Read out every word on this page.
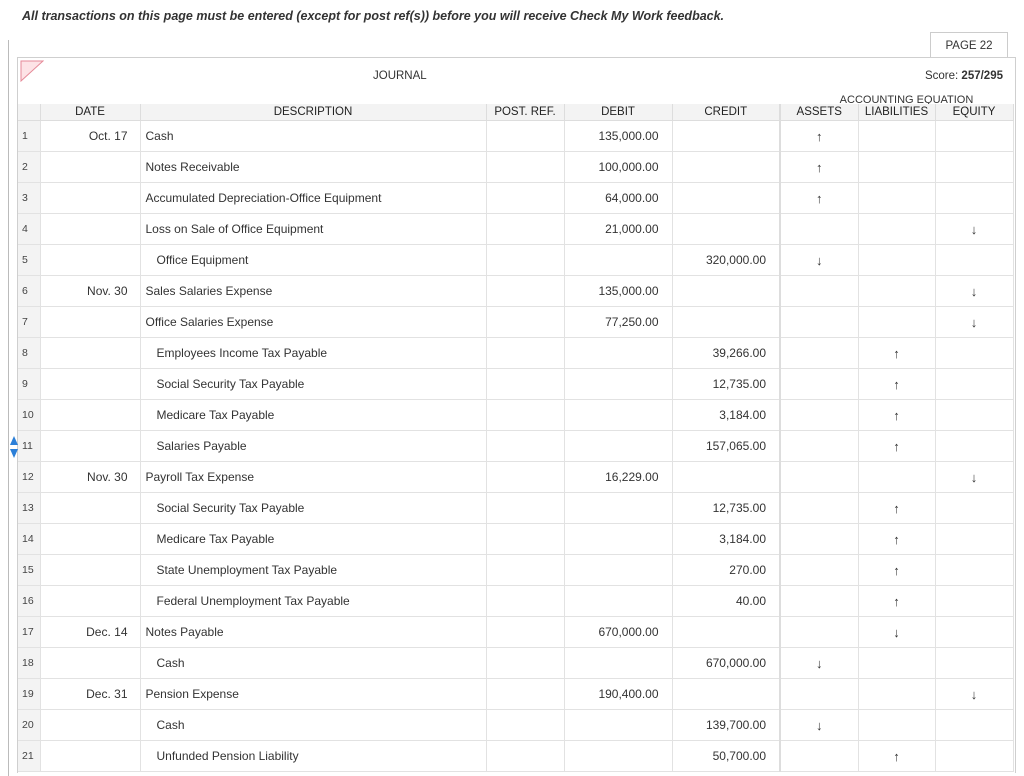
All transactions on this page must be entered (except for post ref(s)) before you will receive Check My Work feedback.
PAGE 22
JOURNAL	Score: 257/295
ACCOUNTING EQUATION
	DATE	DESCRIPTION	POST. REF.	DEBIT	CREDIT	ASSETS	LIABILITIES	EQUITY
1	Oct. 17	Cash		135,000.00		↑		
2		Notes Receivable		100,000.00		↑		
3		Accumulated Depreciation-Office Equipment		64,000.00		↑		
4		Loss on Sale of Office Equipment		21,000.00				↓
5		Office Equipment			320,000.00	↓		
6	Nov. 30	Sales Salaries Expense		135,000.00				↓
7		Office Salaries Expense		77,250.00				↓
8		Employees Income Tax Payable			39,266.00		↑	
9		Social Security Tax Payable			12,735.00		↑	
10		Medicare Tax Payable			3,184.00		↑	
11		Salaries Payable			157,065.00		↑	
12	Nov. 30	Payroll Tax Expense		16,229.00				↓
13		Social Security Tax Payable			12,735.00		↑	
14		Medicare Tax Payable			3,184.00		↑	
15		State Unemployment Tax Payable			270.00		↑	
16		Federal Unemployment Tax Payable			40.00		↑	
17	Dec. 14	Notes Payable		670,000.00			↓	
18		Cash			670,000.00	↓		
19	Dec. 31	Pension Expense		190,400.00				↓
20		Cash			139,700.00	↓		
21		Unfunded Pension Liability			50,700.00		↑	
